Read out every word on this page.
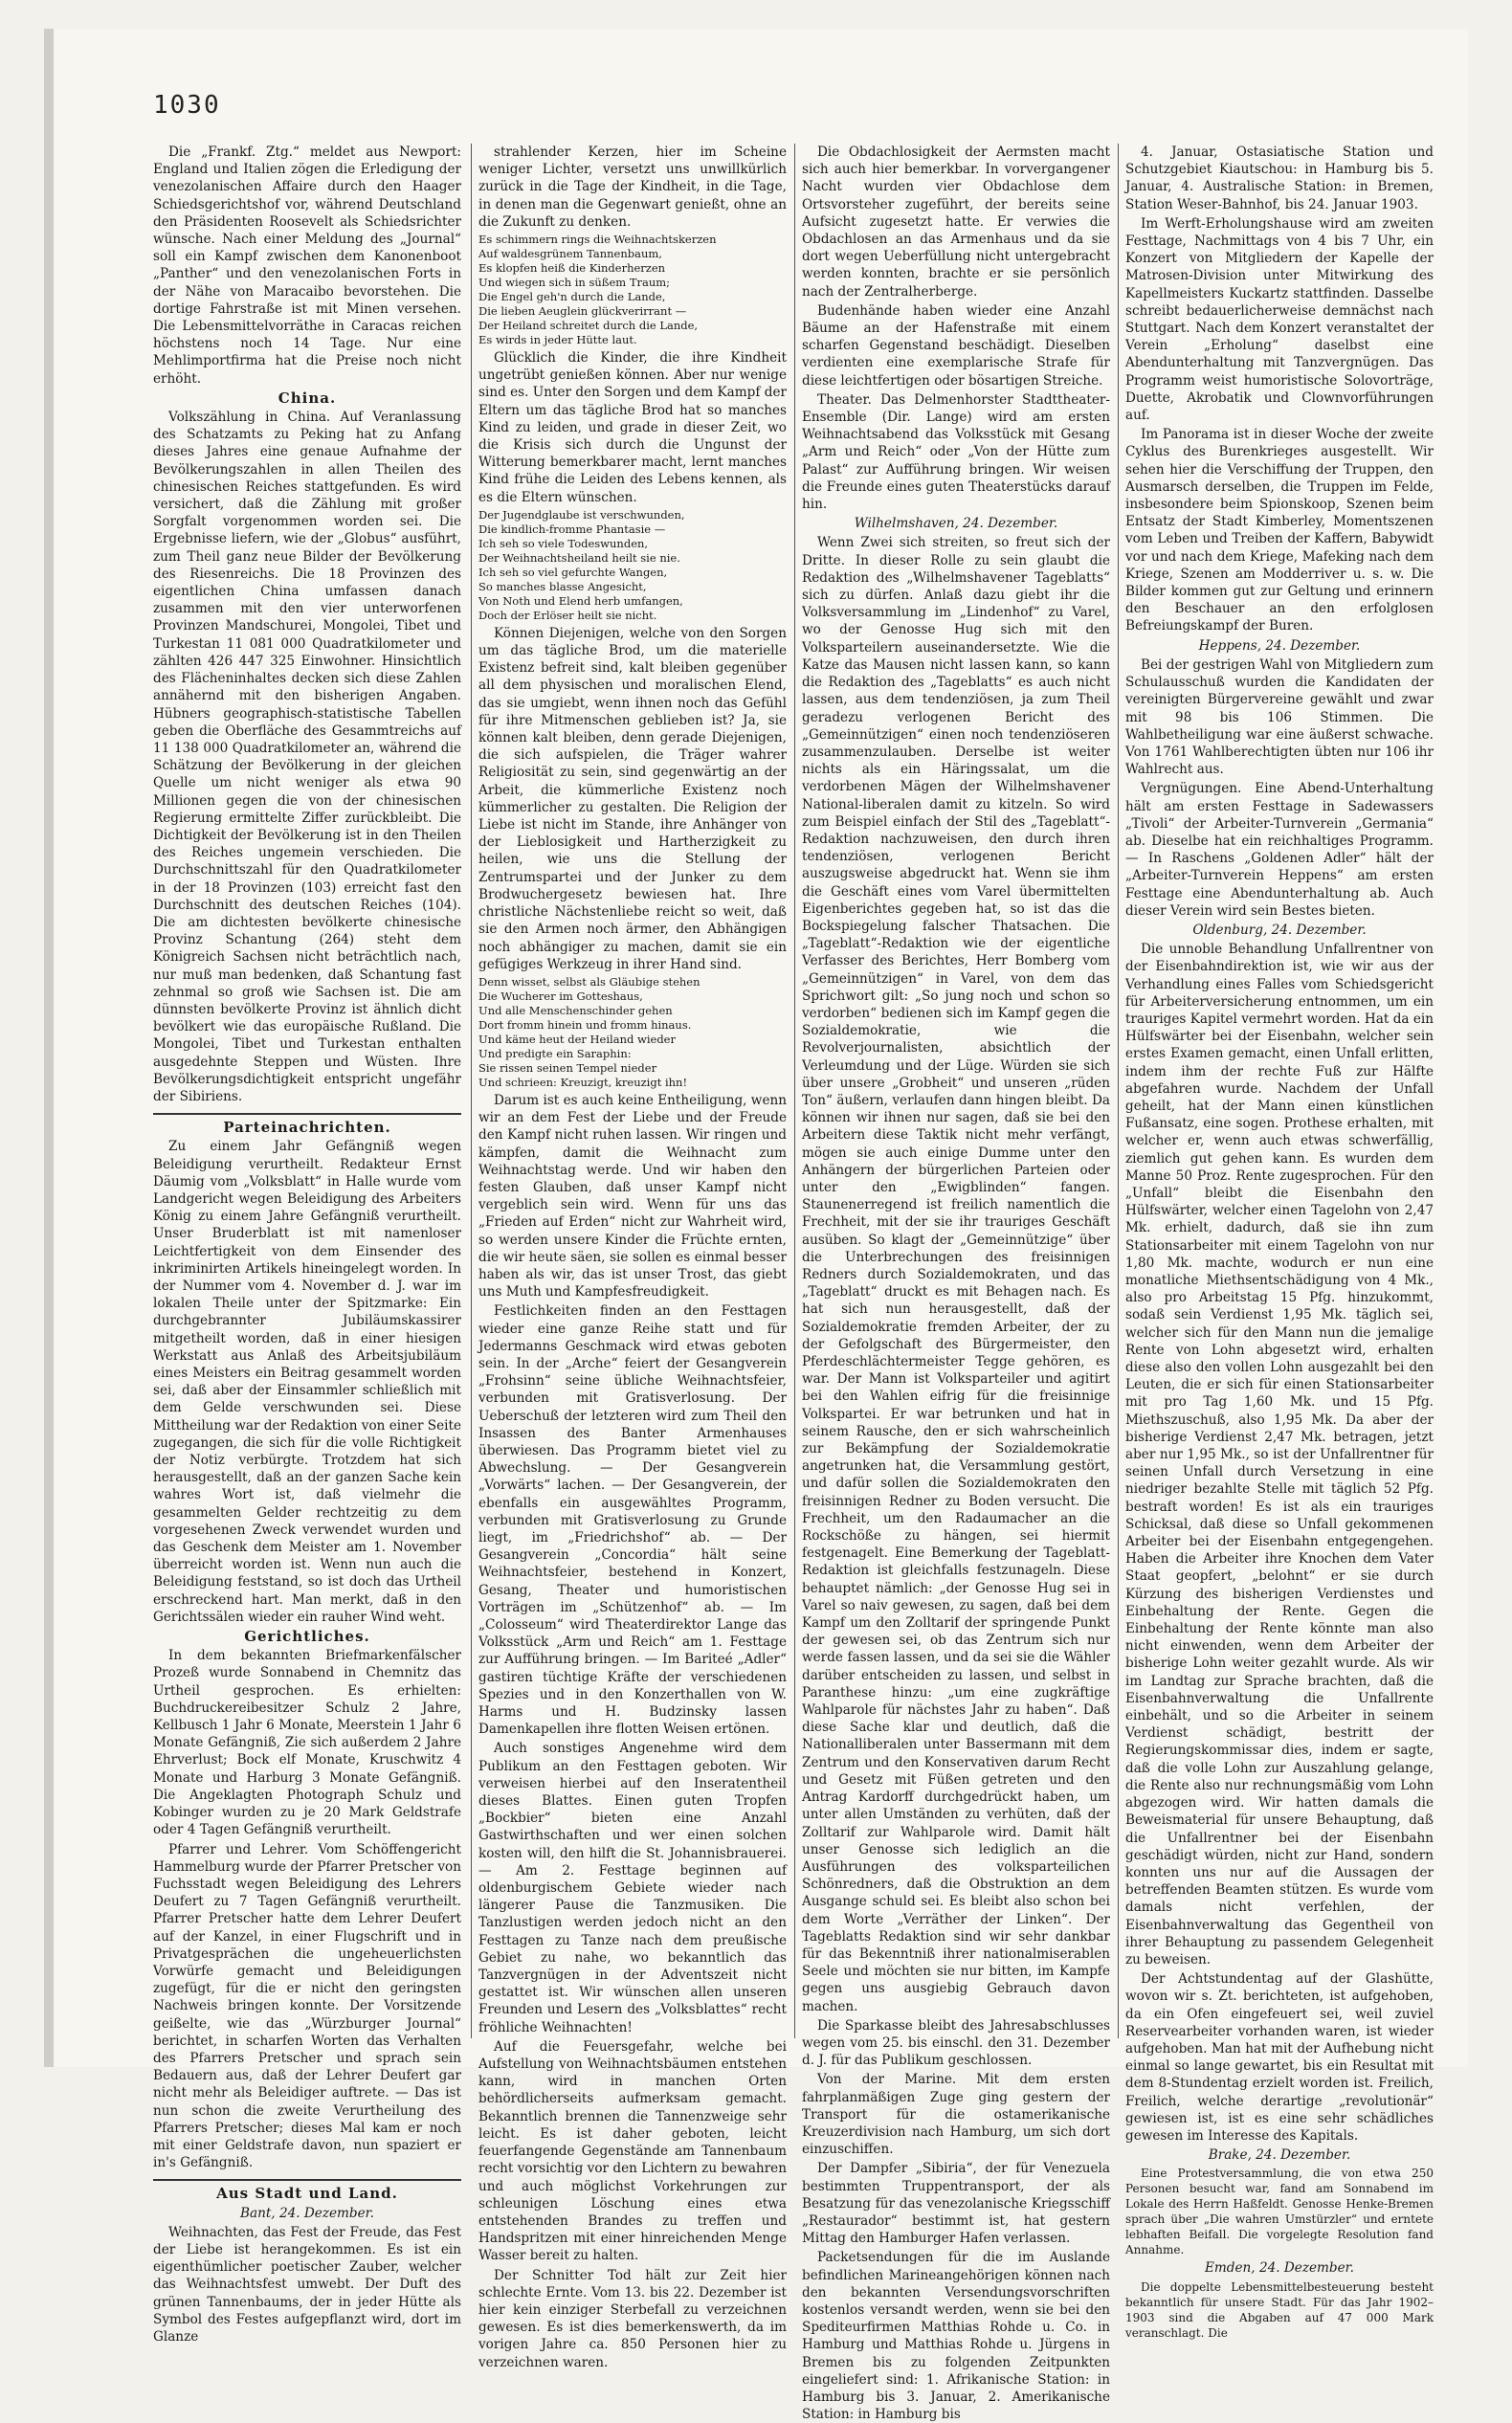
1030

Die „Frankf. Ztg.“ meldet aus Newport: England und Italien zögen die Erledigung der venezolanischen Affaire durch den Haager Schiedsgerichtshof vor, während Deutschland den Präsidenten Roosevelt als Schiedsrichter wünsche. Nach einer Meldung des „Journal“ soll ein Kampf zwischen dem Kanonenboot „Panther“ und den venezolanischen Forts in der Nähe von Maracaibo bevorstehen. Die dortige Fahrstraße ist mit Minen versehen. Die Lebensmittelvorräthe in Caracas reichen höchstens noch 14 Tage. Nur eine Mehlimportfirma hat die Preise noch nicht erhöht.

China.

Volkszählung in China. Auf Veranlassung des Schatzamts zu Peking hat zu Anfang dieses Jahres eine genaue Aufnahme der Bevölkerungszahlen in allen Theilen des chinesischen Reiches stattgefunden. Es wird versichert, daß die Zählung mit großer Sorgfalt vorgenommen worden sei. Die Ergebnisse liefern, wie der „Globus“ ausführt, zum Theil ganz neue Bilder der Bevölkerung des Riesenreichs. Die 18 Provinzen des eigentlichen China umfassen danach zusammen mit den vier unterworfenen Provinzen Mandschurei, Mongolei, Tibet und Turkestan 11 081 000 Quadratkilometer und zählten 426 447 325 Einwohner. Hinsichtlich des Flächeninhaltes decken sich diese Zahlen annähernd mit den bisherigen Angaben. Hübners geographisch-statistische Tabellen geben die Oberfläche des Gesammtreichs auf 11 138 000 Quadratkilometer an, während die Schätzung der Bevölkerung in der gleichen Quelle um nicht weniger als etwa 90 Millionen gegen die von der chinesischen Regierung ermittelte Ziffer zurückbleibt. Die Dichtigkeit der Bevölkerung ist in den Theilen des Reiches ungemein verschieden. Die Durchschnittszahl für den Quadratkilometer in der 18 Provinzen (103) erreicht fast den Durchschnitt des deutschen Reiches (104). Die am dichtesten bevölkerte chinesische Provinz Schantung (264) steht dem Königreich Sachsen nicht beträchtlich nach, nur muß man bedenken, daß Schantung fast zehnmal so groß wie Sachsen ist. Die am dünnsten bevölkerte Provinz ist ähnlich dicht bevölkert wie das europäische Rußland. Die Mongolei, Tibet und Turkestan enthalten ausgedehnte Steppen und Wüsten. Ihre Bevölkerungsdichtigkeit entspricht ungefähr der Sibiriens.

Parteinachrichten.

Zu einem Jahr Gefängniß wegen Beleidigung verurtheilt. Redakteur Ernst Däumig vom „Volksblatt“ in Halle wurde vom Landgericht wegen Beleidigung des Arbeiters König zu einem Jahre Gefängniß verurtheilt. Unser Bruderblatt ist mit namenloser Leichtfertigkeit von dem Einsender des inkriminirten Artikels hineingelegt worden. In der Nummer vom 4. November d. J. war im lokalen Theile unter der Spitzmarke: Ein durchgebrannter Jubiläumskassirer mitgetheilt worden, daß in einer hiesigen Werkstatt aus Anlaß des Arbeitsjubiläum eines Meisters ein Beitrag gesammelt worden sei, daß aber der Einsammler schließlich mit dem Gelde verschwunden sei. Diese Mittheilung war der Redaktion von einer Seite zugegangen, die sich für die volle Richtigkeit der Notiz verbürgte. Trotzdem hat sich herausgestellt, daß an der ganzen Sache kein wahres Wort ist, daß vielmehr die gesammelten Gelder rechtzeitig zu dem vorgesehenen Zweck verwendet wurden und das Geschenk dem Meister am 1. November überreicht worden ist. Wenn nun auch die Beleidigung feststand, so ist doch das Urtheil erschreckend hart. Man merkt, daß in den Gerichtssälen wieder ein rauher Wind weht.

Gerichtliches.

In dem bekannten Briefmarkenfälscher Prozeß wurde Sonnabend in Chemnitz das Urtheil gesprochen. Es erhielten: Buchdruckereibesitzer Schulz 2 Jahre, Kellbusch 1 Jahr 6 Monate, Meerstein 1 Jahr 6 Monate Gefängniß, Zie sich außerdem 2 Jahre Ehrverlust; Bock elf Monate, Kruschwitz 4 Monate und Harburg 3 Monate Gefängniß. Die Angeklagten Photograph Schulz und Kobinger wurden zu je 20 Mark Geldstrafe oder 4 Tagen Gefängniß verurtheilt.

Pfarrer und Lehrer. Vom Schöffengericht Hammelburg wurde der Pfarrer Pretscher von Fuchsstadt wegen Beleidigung des Lehrers Deufert zu 7 Tagen Gefängniß verurtheilt. Pfarrer Pretscher hatte dem Lehrer Deufert auf der Kanzel, in einer Flugschrift und in Privatgesprächen die ungeheuerlichsten Vorwürfe gemacht und Beleidigungen zugefügt, für die er nicht den geringsten Nachweis bringen konnte. Der Vorsitzende geißelte, wie das „Würzburger Journal“ berichtet, in scharfen Worten das Verhalten des Pfarrers Pretscher und sprach sein Bedauern aus, daß der Lehrer Deufert gar nicht mehr als Beleidiger auftrete. — Das ist nun schon die zweite Verurtheilung des Pfarrers Pretscher; dieses Mal kam er noch mit einer Geldstrafe davon, nun spaziert er in's Gefängniß.

Aus Stadt und Land.

Bant, 24. Dezember.

Weihnachten, das Fest der Freude, das Fest der Liebe ist herangekommen. Es ist ein eigenthümlicher poetischer Zauber, welcher das Weihnachtsfest umwebt. Der Duft des grünen Tannenbaums, der in jeder Hütte als Symbol des Festes aufgepflanzt wird, dort im Glanze

strahlender Kerzen, hier im Scheine weniger Lichter, versetzt uns unwillkürlich zurück in die Tage der Kindheit, in die Tage, in denen man die Gegenwart genießt, ohne an die Zukunft zu denken.

Es schimmern rings die Weihnachtskerzen
Auf waldesgrünem Tannenbaum,
Es klopfen heiß die Kinderherzen
Und wiegen sich in süßem Traum;
Die Engel geh'n durch die Lande,
Die lieben Aeuglein glückverirrant —
Der Heiland schreitet durch die Lande,
Es wirds in jeder Hütte laut.

Glücklich die Kinder, die ihre Kindheit ungetrübt genießen können. Aber nur wenige sind es. Unter den Sorgen und dem Kampf der Eltern um das tägliche Brod hat so manches Kind zu leiden, und grade in dieser Zeit, wo die Krisis sich durch die Ungunst der Witterung bemerkbarer macht, lernt manches Kind frühe die Leiden des Lebens kennen, als es die Eltern wünschen.

Der Jugendglaube ist verschwunden,
Die kindlich-fromme Phantasie —
Ich seh so viele Todeswunden,
Der Weihnachtsheiland heilt sie nie.
Ich seh so viel gefurchte Wangen,
So manches blasse Angesicht,
Von Noth und Elend herb umfangen,
Doch der Erlöser heilt sie nicht.

Können Diejenigen, welche von den Sorgen um das tägliche Brod, um die materielle Existenz befreit sind, kalt bleiben gegenüber all dem physischen und moralischen Elend, das sie umgiebt, wenn ihnen noch das Gefühl für ihre Mitmenschen geblieben ist? Ja, sie können kalt bleiben, denn gerade Diejenigen, die sich aufspielen, die Träger wahrer Religiosität zu sein, sind gegenwärtig an der Arbeit, die kümmerliche Existenz noch kümmerlicher zu gestalten. Die Religion der Liebe ist nicht im Stande, ihre Anhänger von der Lieblosigkeit und Hartherzigkeit zu heilen, wie uns die Stellung der Zentrumspartei und der Junker zu dem Brodwuchergesetz bewiesen hat. Ihre christliche Nächstenliebe reicht so weit, daß sie den Armen noch ärmer, den Abhängigen noch abhängiger zu machen, damit sie ein gefügiges Werkzeug in ihrer Hand sind.

Denn wisset, selbst als Gläubige stehen
Die Wucherer im Gotteshaus,
Und alle Menschenschinder gehen
Dort fromm hinein und fromm hinaus.
Und käme heut der Heiland wieder
Und predigte ein Saraphin:
Sie rissen seinen Tempel nieder
Und schrieen: Kreuzigt, kreuzigt ihn!

Darum ist es auch keine Entheiligung, wenn wir an dem Fest der Liebe und der Freude den Kampf nicht ruhen lassen. Wir ringen und kämpfen, damit die Weihnacht zum Weihnachtstag werde. Und wir haben den festen Glauben, daß unser Kampf nicht vergeblich sein wird. Wenn für uns das „Frieden auf Erden“ nicht zur Wahrheit wird, so werden unsere Kinder die Früchte ernten, die wir heute säen, sie sollen es einmal besser haben als wir, das ist unser Trost, das giebt uns Muth und Kampfesfreudigkeit.

Festlichkeiten finden an den Festtagen wieder eine ganze Reihe statt und für Jedermanns Geschmack wird etwas geboten sein. In der „Arche“ feiert der Gesangverein „Frohsinn“ seine übliche Weihnachtsfeier, verbunden mit Gratisverlosung. Der Ueberschuß der letzteren wird zum Theil den Insassen des Banter Armenhauses überwiesen. Das Programm bietet viel zu Abwechslung. — Der Gesangverein „Vorwärts“ lachen. — Der Gesangverein, der ebenfalls ein ausgewähltes Programm, verbunden mit Gratisverlosung zu Grunde liegt, im „Friedrichshof“ ab. — Der Gesangverein „Concordia“ hält seine Weihnachtsfeier, bestehend in Konzert, Gesang, Theater und humoristischen Vorträgen im „Schützenhof“ ab. — Im „Colosseum“ wird Theaterdirektor Lange das Volksstück „Arm und Reich“ am 1. Festtage zur Aufführung bringen. — Im Bariteé „Adler“ gastiren tüchtige Kräfte der verschiedenen Spezies und in den Konzerthallen von W. Harms und H. Budzinsky lassen Damenkapellen ihre flotten Weisen ertönen.

Auch sonstiges Angenehme wird dem Publikum an den Festtagen geboten. Wir verweisen hierbei auf den Inseratentheil dieses Blattes. Einen guten Tropfen „Bockbier“ bieten eine Anzahl Gastwirthschaften und wer einen solchen kosten will, den hilft die St. Johannisbrauerei. — Am 2. Festtage beginnen auf oldenburgischem Gebiete wieder nach längerer Pause die Tanzmusiken. Die Tanzlustigen werden jedoch nicht an den Festtagen zu Tanze nach dem preußische Gebiet zu nahe, wo bekanntlich das Tanzvergnügen in der Adventszeit nicht gestattet ist. Wir wünschen allen unseren Freunden und Lesern des „Volksblattes“ recht fröhliche Weihnachten!

Auf die Feuersgefahr, welche bei Aufstellung von Weihnachtsbäumen entstehen kann, wird in manchen Orten behördlicherseits aufmerksam gemacht. Bekanntlich brennen die Tannenzweige sehr leicht. Es ist daher geboten, leicht feuerfangende Gegenstände am Tannenbaum recht vorsichtig vor den Lichtern zu bewahren und auch möglichst Vorkehrungen zur schleunigen Löschung eines etwa entstehenden Brandes zu treffen und Handspritzen mit einer hinreichenden Menge Wasser bereit zu halten.

Der Schnitter Tod hält zur Zeit hier schlechte Ernte. Vom 13. bis 22. Dezember ist hier kein einziger Sterbefall zu verzeichnen gewesen. Es ist dies bemerkenswerth, da im vorigen Jahre ca. 850 Personen hier zu verzeichnen waren.

Die Obdachlosigkeit der Aermsten macht sich auch hier bemerkbar. In vorvergangener Nacht wurden vier Obdachlose dem Ortsvorsteher zugeführt, der bereits seine Aufsicht zugesetzt hatte. Er verwies die Obdachlosen an das Armenhaus und da sie dort wegen Ueberfüllung nicht untergebracht werden konnten, brachte er sie persönlich nach der Zentralherberge.

Budenhände haben wieder eine Anzahl Bäume an der Hafenstraße mit einem scharfen Gegenstand beschädigt. Dieselben verdienten eine exemplarische Strafe für diese leichtfertigen oder bösartigen Streiche.

Theater. Das Delmenhorster Stadttheater-Ensemble (Dir. Lange) wird am ersten Weihnachtsabend das Volksstück mit Gesang „Arm und Reich“ oder „Von der Hütte zum Palast“ zur Aufführung bringen. Wir weisen die Freunde eines guten Theaterstücks darauf hin.

Wilhelmshaven, 24. Dezember.

Wenn Zwei sich streiten, so freut sich der Dritte. In dieser Rolle zu sein glaubt die Redaktion des „Wilhelmshavener Tageblatts“ sich zu dürfen. Anlaß dazu giebt ihr die Volksversammlung im „Lindenhof“ zu Varel, wo der Genosse Hug sich mit den Volksparteilern auseinandersetzte. Wie die Katze das Mausen nicht lassen kann, so kann die Redaktion des „Tageblatts“ es auch nicht lassen, aus dem tendenziösen, ja zum Theil geradezu verlogenen Bericht des „Gemeinnützigen“ einen noch tendenziöseren zusammenzulauben. Derselbe ist weiter nichts als ein Häringssalat, um die verdorbenen Mägen der Wilhelmshavener National-liberalen damit zu kitzeln. So wird zum Beispiel einfach der Stil des „Tageblatt“-Redaktion nachzuweisen, den durch ihren tendenziösen, verlogenen Bericht auszugsweise abgedruckt hat. Wenn sie ihm die Geschäft eines vom Varel übermittelten Eigenberichtes gegeben hat, so ist das die Bockspiegelung falscher Thatsachen. Die „Tageblatt“-Redaktion wie der eigentliche Verfasser des Berichtes, Herr Bomberg vom „Gemeinnützigen“ in Varel, von dem das Sprichwort gilt: „So jung noch und schon so verdorben“ bedienen sich im Kampf gegen die Sozialdemokratie, wie die Revolverjournalisten, absichtlich der Verleumdung und der Lüge. Würden sie sich über unsere „Grobheit“ und unseren „rüden Ton“ äußern, verlaufen dann hingen bleibt. Da können wir ihnen nur sagen, daß sie bei den Arbeitern diese Taktik nicht mehr verfängt, mögen sie auch einige Dumme unter den Anhängern der bürgerlichen Parteien oder unter den „Ewigblinden“ fangen. Staunenerregend ist freilich namentlich die Frechheit, mit der sie ihr trauriges Geschäft ausüben. So klagt der „Gemeinnützige“ über die Unterbrechungen des freisinnigen Redners durch Sozialdemokraten, und das „Tageblatt“ druckt es mit Behagen nach. Es hat sich nun herausgestellt, daß der Sozialdemokratie fremden Arbeiter, der zu der Gefolgschaft des Bürgermeister, den Pferdeschlächtermeister Tegge gehören, es war. Der Mann ist Volksparteiler und agitirt bei den Wahlen eifrig für die freisinnige Volkspartei. Er war betrunken und hat in seinem Rausche, den er sich wahrscheinlich zur Bekämpfung der Sozialdemokratie angetrunken hat, die Versammlung gestört, und dafür sollen die Sozialdemokraten den freisinnigen Redner zu Boden versucht. Die Frechheit, um den Radaumacher an die Rockschöße zu hängen, sei hiermit festgenagelt. Eine Bemerkung der Tageblatt-Redaktion ist gleichfalls festzunageln. Diese behauptet nämlich: „der Genosse Hug sei in Varel so naiv gewesen, zu sagen, daß bei dem Kampf um den Zolltarif der springende Punkt der gewesen sei, ob das Zentrum sich nur werde fassen lassen, und da sei sie die Wähler darüber entscheiden zu lassen, und selbst in Paranthese hinzu: „um eine zugkräftige Wahlparole für nächstes Jahr zu haben“. Daß diese Sache klar und deutlich, daß die Nationalliberalen unter Bassermann mit dem Zentrum und den Konservativen darum Recht und Gesetz mit Füßen getreten und den Antrag Kardorff durchgedrückt haben, um unter allen Umständen zu verhüten, daß der Zolltarif zur Wahlparole wird. Damit hält unser Genosse sich lediglich an die Ausführungen des volksparteilichen Schönredners, daß die Obstruktion an dem Ausgange schuld sei. Es bleibt also schon bei dem Worte „Verräther der Linken“. Der Tageblatts Redaktion sind wir sehr dankbar für das Bekenntniß ihrer nationalmiserablen Seele und möchten sie nur bitten, im Kampfe gegen uns ausgiebig Gebrauch davon machen.

Die Sparkasse bleibt des Jahresabschlusses wegen vom 25. bis einschl. den 31. Dezember d. J. für das Publikum geschlossen.

Von der Marine. Mit dem ersten fahrplanmäßigen Zuge ging gestern der Transport für die ostamerikanische Kreuzerdivision nach Hamburg, um sich dort einzuschiffen.

Der Dampfer „Sibiria“, der für Venezuela bestimmten Truppentransport, der als Besatzung für das venezolanische Kriegsschiff „Restaurador“ bestimmt ist, hat gestern Mittag den Hamburger Hafen verlassen.

Packetsendungen für die im Auslande befindlichen Marineangehörigen können nach den bekannten Versendungsvorschriften kostenlos versandt werden, wenn sie bei den Spediteurfirmen Matthias Rohde u. Co. in Hamburg und Matthias Rohde u. Jürgens in Bremen bis zu folgenden Zeitpunkten eingeliefert sind: 1. Afrikanische Station: in Hamburg bis 3. Januar, 2. Amerikanische Station: in Hamburg bis

4. Januar, Ostasiatische Station und Schutzgebiet Kiautschou: in Hamburg bis 5. Januar, 4. Australische Station: in Bremen, Station Weser-Bahnhof, bis 24. Januar 1903.

Im Werft-Erholungshause wird am zweiten Festtage, Nachmittags von 4 bis 7 Uhr, ein Konzert von Mitgliedern der Kapelle der Matrosen-Division unter Mitwirkung des Kapellmeisters Kuckartz stattfinden. Dasselbe schreibt bedauerlicherweise demnächst nach Stuttgart. Nach dem Konzert veranstaltet der Verein „Erholung“ daselbst eine Abendunterhaltung mit Tanzvergnügen. Das Programm weist humoristische Solovorträge, Duette, Akrobatik und Clownvorführungen auf.

Im Panorama ist in dieser Woche der zweite Cyklus des Burenkrieges ausgestellt. Wir sehen hier die Verschiffung der Truppen, den Ausmarsch derselben, die Truppen im Felde, insbesondere beim Spionskoop, Szenen beim Entsatz der Stadt Kimberley, Momentszenen vom Leben und Treiben der Kaffern, Babywidt vor und nach dem Kriege, Mafeking nach dem Kriege, Szenen am Modderriver u. s. w. Die Bilder kommen gut zur Geltung und erinnern den Beschauer an den erfolglosen Befreiungskampf der Buren.

Heppens, 24. Dezember.

Bei der gestrigen Wahl von Mitgliedern zum Schulausschuß wurden die Kandidaten der vereinigten Bürgervereine gewählt und zwar mit 98 bis 106 Stimmen. Die Wahlbetheiligung war eine äußerst schwache. Von 1761 Wahlberechtigten übten nur 106 ihr Wahlrecht aus.

Vergnügungen. Eine Abend-Unterhaltung hält am ersten Festtage in Sadewassers „Tivoli“ der Arbeiter-Turnverein „Germania“ ab. Dieselbe hat ein reichhaltiges Programm. — In Raschens „Goldenen Adler“ hält der „Arbeiter-Turnverein Heppens“ am ersten Festtage eine Abendunterhaltung ab. Auch dieser Verein wird sein Bestes bieten.

Oldenburg, 24. Dezember.

Die unnoble Behandlung Unfallrentner von der Eisenbahndirektion ist, wie wir aus der Verhandlung eines Falles vom Schiedsgericht für Arbeiterversicherung entnommen, um ein trauriges Kapitel vermehrt worden. Hat da ein Hülfswärter bei der Eisenbahn, welcher sein erstes Examen gemacht, einen Unfall erlitten, indem ihm der rechte Fuß zur Hälfte abgefahren wurde. Nachdem der Unfall geheilt, hat der Mann einen künstlichen Fußansatz, eine sogen. Prothese erhalten, mit welcher er, wenn auch etwas schwerfällig, ziemlich gut gehen kann. Es wurden dem Manne 50 Proz. Rente zugesprochen. Für den „Unfall“ bleibt die Eisenbahn den Hülfswärter, welcher einen Tagelohn von 2,47 Mk. erhielt, dadurch, daß sie ihn zum Stationsarbeiter mit einem Tagelohn von nur 1,80 Mk. machte, wodurch er nun eine monatliche Miethsentschädigung von 4 Mk., also pro Arbeitstag 15 Pfg. hinzukommt, sodaß sein Verdienst 1,95 Mk. täglich sei, welcher sich für den Mann nun die jemalige Rente von Lohn abgesetzt wird, erhalten diese also den vollen Lohn ausgezahlt bei den Leuten, die er sich für einen Stationsarbeiter mit pro Tag 1,60 Mk. und 15 Pfg. Miethszuschuß, also 1,95 Mk. Da aber der bisherige Verdienst 2,47 Mk. betragen, jetzt aber nur 1,95 Mk., so ist der Unfallrentner für seinen Unfall durch Versetzung in eine niedriger bezahlte Stelle mit täglich 52 Pfg. bestraft worden! Es ist als ein trauriges Schicksal, daß diese so Unfall gekommenen Arbeiter bei der Eisenbahn entgegengehen. Haben die Arbeiter ihre Knochen dem Vater Staat geopfert, „belohnt“ er sie durch Kürzung des bisherigen Verdienstes und Einbehaltung der Rente. Gegen die Einbehaltung der Rente könnte man also nicht einwenden, wenn dem Arbeiter der bisherige Lohn weiter gezahlt wurde. Als wir im Landtag zur Sprache brachten, daß die Eisenbahnverwaltung die Unfallrente einbehält, und so die Arbeiter in seinem Verdienst schädigt, bestritt der Regierungskommissar dies, indem er sagte, daß die volle Lohn zur Auszahlung gelange, die Rente also nur rechnungsmäßig vom Lohn abgezogen wird. Wir hatten damals die Beweismaterial für unsere Behauptung, daß die Unfallrentner bei der Eisenbahn geschädigt würden, nicht zur Hand, sondern konnten uns nur auf die Aussagen der betreffenden Beamten stützen. Es wurde vom damals nicht verfehlen, der Eisenbahnverwaltung das Gegentheil von ihrer Behauptung zu passendem Gelegenheit zu beweisen.

Der Achtstundentag auf der Glashütte, wovon wir s. Zt. berichteten, ist aufgehoben, da ein Ofen eingefeuert sei, weil zuviel Reservearbeiter vorhanden waren, ist wieder aufgehoben. Man hat mit der Aufhebung nicht einmal so lange gewartet, bis ein Resultat mit dem 8-Stundentag erzielt worden ist. Freilich, Freilich, welche derartige „revolutionär“ gewiesen ist, ist es eine sehr schädliches gewesen im Interesse des Kapitals.

Brake, 24. Dezember.

Eine Protestversammlung, die von etwa 250 Personen besucht war, fand am Sonnabend im Lokale des Herrn Haßfeldt. Genosse Henke-Bremen sprach über „Die wahren Umstürzler“ und erntete lebhaften Beifall. Die vorgelegte Resolution fand Annahme.

Emden, 24. Dezember.

Die doppelte Lebensmittelbesteuerung besteht bekanntlich für unsere Stadt. Für das Jahr 1902–1903 sind die Abgaben auf 47 000 Mark veranschlagt. Die
